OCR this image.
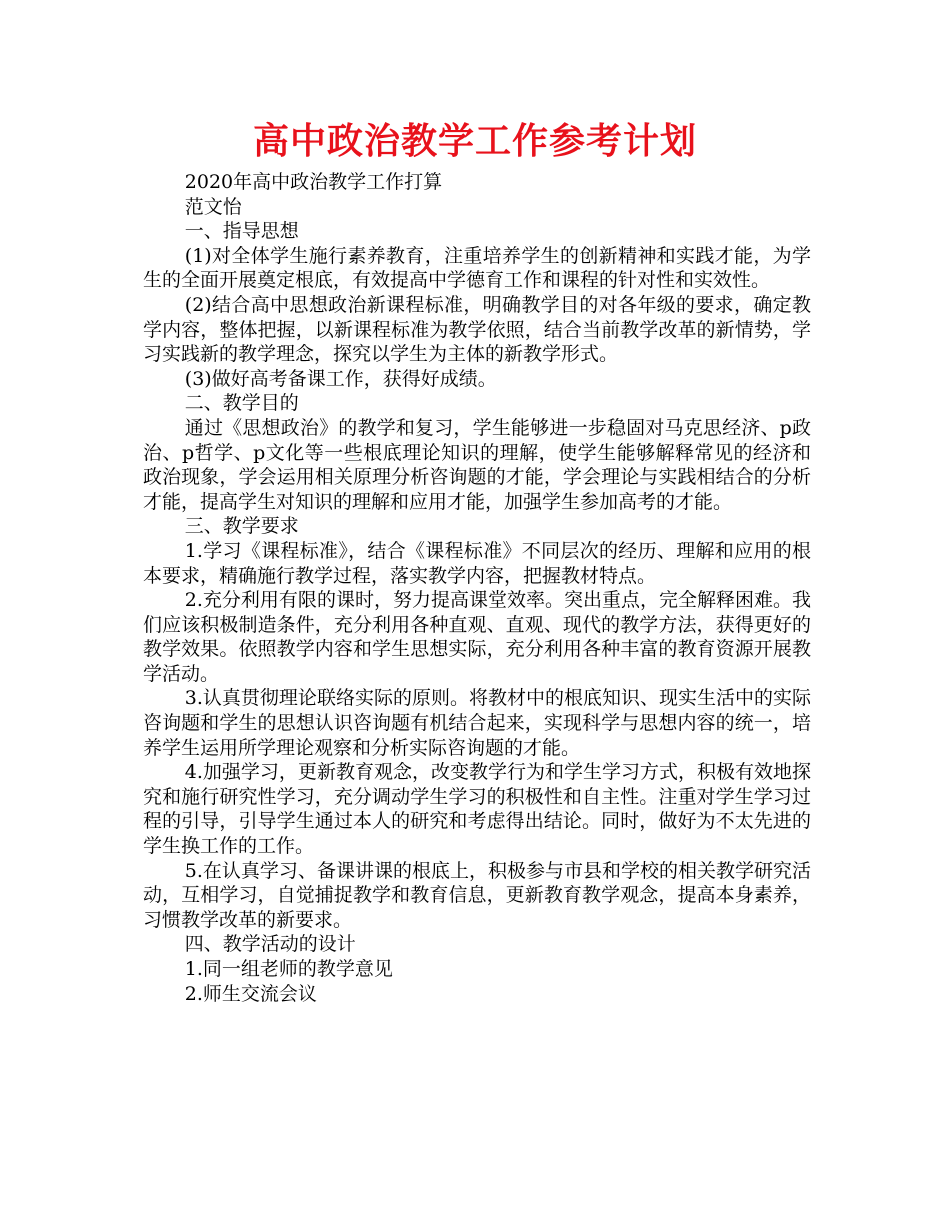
高中政治教学工作参考计划

2020年高中政治教学工作打算

范文怡

一、指导思想

(1)对全体学生施行素养教育，注重培养学生的创新精神和实践才能，为学生的全面开展奠定根底，有效提高中学德育工作和课程的针对性和实效性。

(2)结合高中思想政治新课程标准，明确教学目的对各年级的要求，确定教学内容，整体把握，以新课程标准为教学依照，结合当前教学改革的新情势，学习实践新的教学理念，探究以学生为主体的新教学形式。

(3)做好高考备课工作，获得好成绩。

二、教学目的

通过《思想政治》的教学和复习，学生能够进一步稳固对马克思经济、p政治、p哲学、p文化等一些根底理论知识的理解，使学生能够解释常见的经济和政治现象，学会运用相关原理分析咨询题的才能，学会理论与实践相结合的分析才能，提高学生对知识的理解和应用才能，加强学生参加高考的才能。

三、教学要求

1.学习《课程标准》，结合《课程标准》不同层次的经历、理解和应用的根本要求，精确施行教学过程，落实教学内容，把握教材特点。

2.充分利用有限的课时，努力提高课堂效率。突出重点，完全解释困难。我们应该积极制造条件，充分利用各种直观、直观、现代的教学方法，获得更好的教学效果。依照教学内容和学生思想实际，充分利用各种丰富的教育资源开展教学活动。

3.认真贯彻理论联络实际的原则。将教材中的根底知识、现实生活中的实际咨询题和学生的思想认识咨询题有机结合起来，实现科学与思想内容的统一，培养学生运用所学理论观察和分析实际咨询题的才能。

4.加强学习，更新教育观念，改变教学行为和学生学习方式，积极有效地探究和施行研究性学习，充分调动学生学习的积极性和自主性。注重对学生学习过程的引导，引导学生通过本人的研究和考虑得出结论。同时，做好为不太先进的学生换工作的工作。

5.在认真学习、备课讲课的根底上，积极参与市县和学校的相关教学研究活动，互相学习，自觉捕捉教学和教育信息，更新教育教学观念，提高本身素养，习惯教学改革的新要求。

四、教学活动的设计

1.同一组老师的教学意见

2.师生交流会议
